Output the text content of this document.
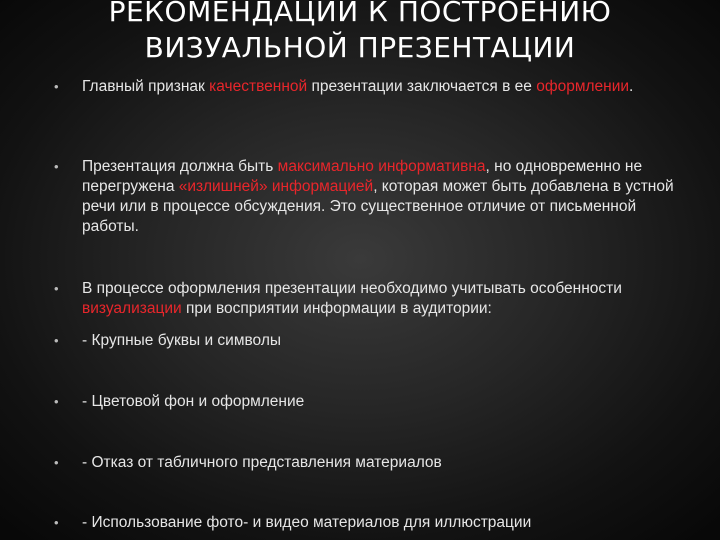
РЕКОМЕНДАЦИИ К ПОСТРОЕНИЮ
ВИЗУАЛЬНОЙ ПРЕЗЕНТАЦИИ
• Главный признак качественной презентации заключается в ее оформлении.
• Презентация должна быть максимально информативна, но одновременно не перегружена «излишней» информацией, которая может быть добавлена в устной речи или в процессе обсуждения. Это существенное отличие от письменной работы.
• В процессе оформления презентации необходимо учитывать особенности визуализации при восприятии информации в аудитории:
• - Крупные буквы и символы
• - Цветовой фон и оформление
• - Отказ от табличного представления материалов
• - Использование фото- и видео материалов для иллюстрации
